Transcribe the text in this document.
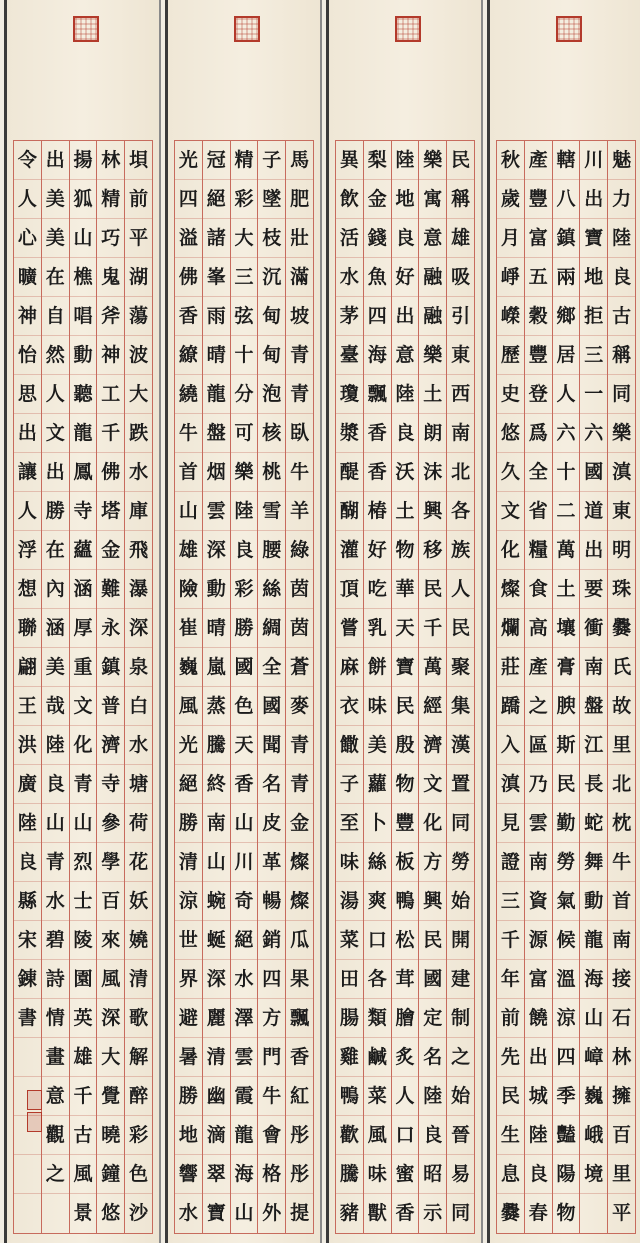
魅
力
陸
良
古
稱
同
樂
滇
東
明
珠
爨
氏
故
里
北
枕
牛
首
南
接
石
林
擁
百
里
平
川
出
寶
地
拒
三
一
六
國
道
出
要
衝
南
盤
江
長
蛇
舞
動
龍
海
山
嶂
巍
峨
境
轄
八
鎮
兩
鄉
居
人
六
十
二
萬
土
壤
膏
腴
斯
民
勤
勞
氣
候
溫
涼
四
季
豔
陽
物
產
豐
富
五
穀
豐
登
爲
全
省
糧
食
高
產
之
區
乃
雲
南
資
源
富
饒
出
城
陸
良
春
秋
歲
月
崢
嶸
歷
史
悠
久
文
化
燦
爛
莊
蹻
入
滇
見
證
三
千
年
前
先
民
生
息
爨
民
稱
雄
吸
引
東
西
南
北
各
族
人
民
聚
集
漢
置
同
勞
始
開
建
制
之
始
晉
易
同
樂
寓
意
融
融
樂
土
朗
沫
興
移
民
千
萬
經
濟
文
化
方
興
民
國
定
名
陸
良
昭
示
陸
地
良
好
出
意
陸
良
沃
土
物
華
天
寶
民
殷
物
豐
板
鴨
松
茸
膾
炙
人
口
蜜
香
梨
金
錢
魚
四
海
飄
香
香
椿
好
吃
乳
餅
味
美
蘿
卜
絲
爽
口
各
類
鹹
菜
風
味
獸
異
飲
活
水
茅
臺
瓊
漿
醍
醐
灌
頂
嘗
麻
衣
饊
子
至
味
湯
菜
田
腸
雞
鴨
歡
騰
豬
馬
肥
壯
滿
坡
青
青
臥
牛
羊
綠
茵
茵
蒼
麥
青
青
金
燦
燦
瓜
果
飄
香
紅
彤
彤
提
子
墜
枝
沉
甸
甸
泡
核
桃
雪
腰
絲
綢
全
國
聞
名
皮
革
暢
銷
四
方
門
牛
會
格
外
精
彩
大
三
弦
十
分
可
樂
陸
良
彩
勝
國
色
天
香
山
川
奇
絕
水
澤
雲
霞
龍
海
山
冠
絕
諸
峯
雨
晴
龍
盤
烟
雲
深
動
晴
嵐
蒸
騰
終
南
山
蜿
蜒
深
麗
清
幽
滴
翠
寶
光
四
溢
佛
香
繚
繞
牛
首
山
雄
險
崔
巍
風
光
絕
勝
清
涼
世
界
避
暑
勝
地
響
水
垻
前
平
湖
蕩
波
大
跌
水
庫
飛
瀑
深
泉
白
水
塘
荷
花
妖
嬈
清
歌
解
醉
彩
色
沙
林
精
巧
鬼
斧
神
工
千
佛
塔
金
難
永
鎮
普
濟
寺
參
學
百
來
風
深
大
覺
曉
鐘
悠
揚
狐
山
樵
唱
動
聽
龍
鳳
寺
蘊
涵
厚
重
文
化
青
山
烈
士
陵
園
英
雄
千
古
風
景
出
美
美
在
自
然
人
文
出
勝
在
內
涵
美
哉
陸
良
山
青
水
碧
詩
情
畫
意
觀
之
令
人
心
曠
神
怡
思
出
讓
人
浮
想
聯
翩
王
洪
廣
陸
良
縣
宋
錬
書
